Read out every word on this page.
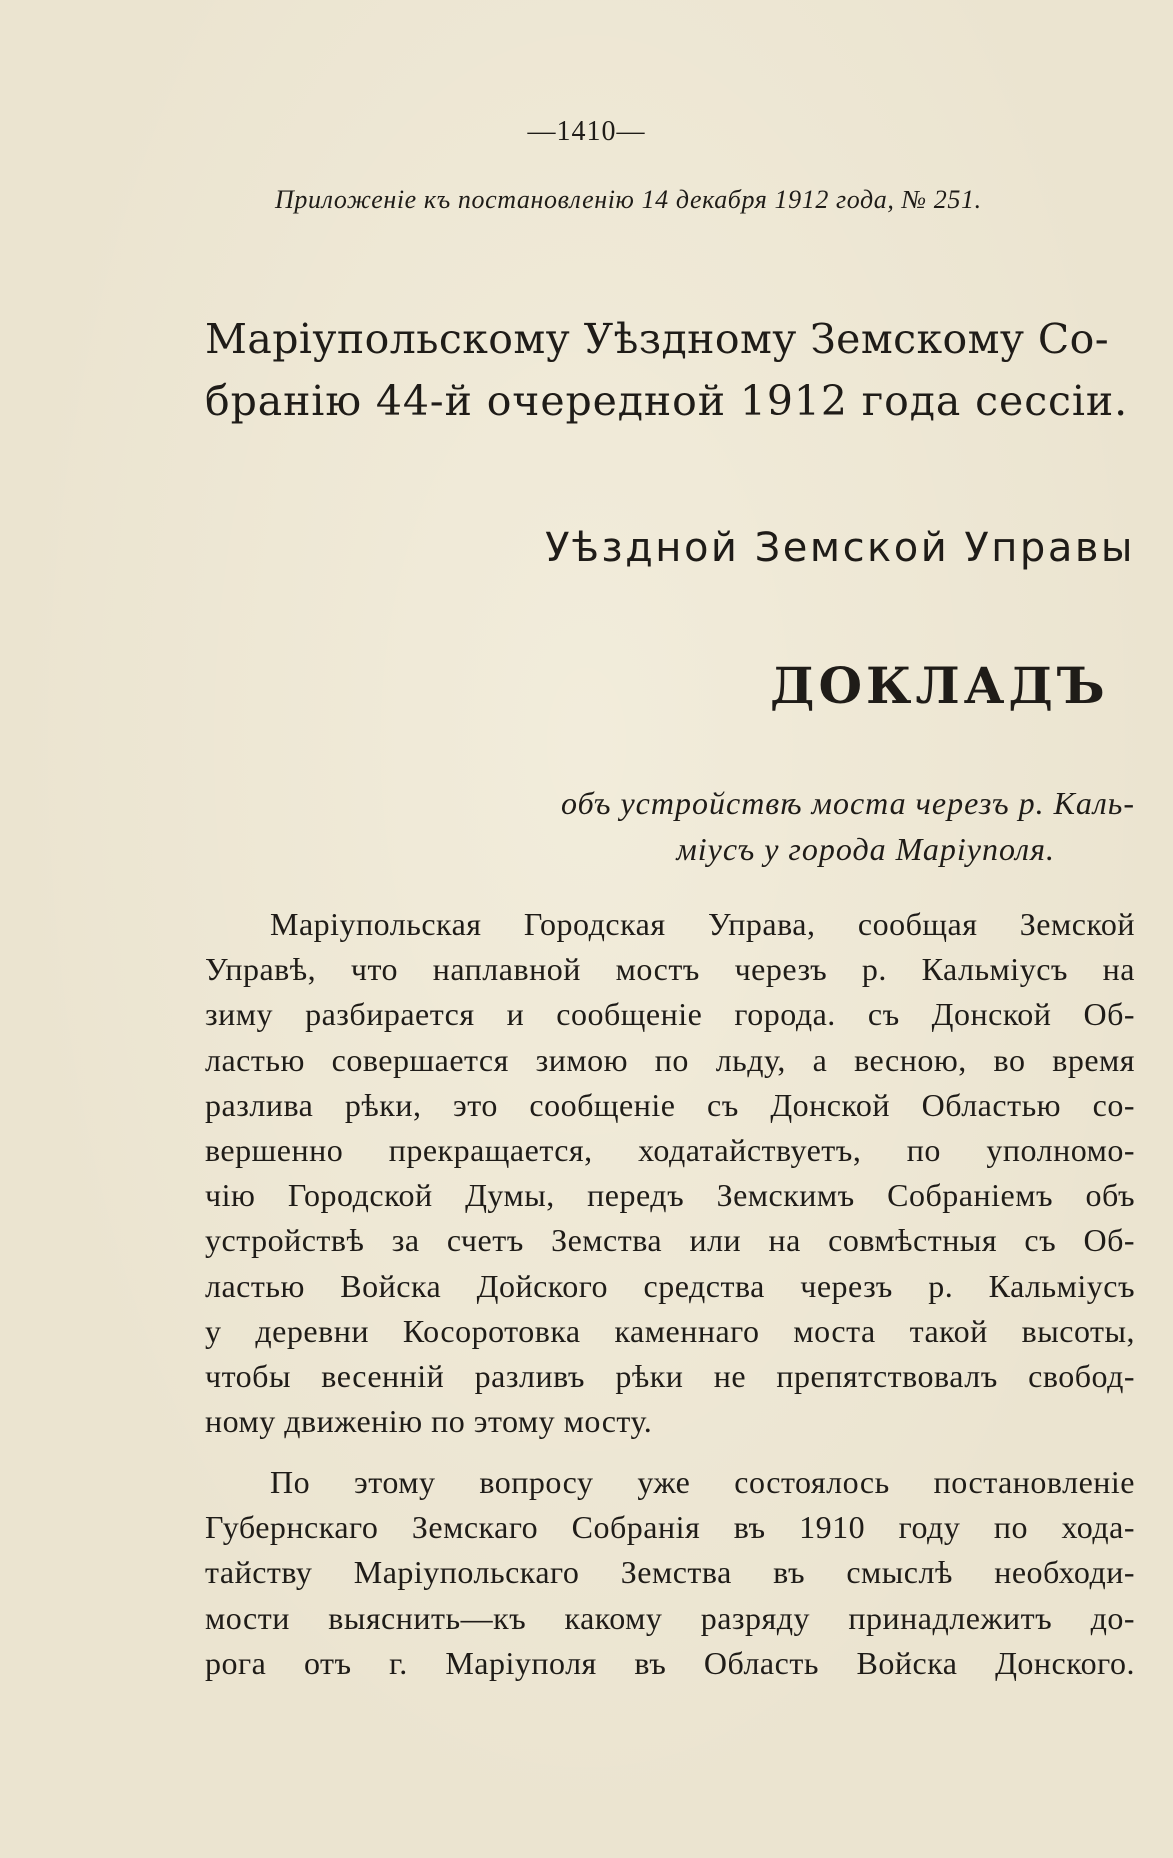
—1410—
Приложеніе къ постановленію 14 декабря 1912 года, № 251.
Маріупольскому Уѣздному Земскому Со-
бранію 44-й очередной 1912 года сессіи.
Уѣздной Земской Управы
ДОКЛАДЪ
объ устройствѣ моста черезъ р. Каль-
міусъ у города Маріуполя.
Маріупольская Городская Управа, сообщая Земской
Управѣ, что наплавной мостъ черезъ р. Кальміусъ на
зиму разбирается и сообщеніе города. съ Донской Об-
ластью совершается зимою по льду, а весною, во время
разлива рѣки, это сообщеніе съ Донской Областью со-
вершенно прекращается, ходатайствуетъ, по уполномо-
чію Городской Думы, передъ Земскимъ Собраніемъ объ
устройствѣ за счетъ Земства или на совмѣстныя съ Об-
ластью Войска Дойского средства черезъ р. Кальміусъ
у деревни Косоротовка каменнаго моста такой высоты,
чтобы весенній разливъ рѣки не препятствовалъ свобод-
ному движенію по этому мосту.
По этому вопросу уже состоялось постановленіе
Губернскаго Земскаго Собранія въ 1910 году по хода-
тайству Маріупольскаго Земства въ смыслѣ необходи-
мости выяснить—къ какому разряду принадлежитъ до-
рога отъ г. Маріуполя въ Область Войска Донского.
